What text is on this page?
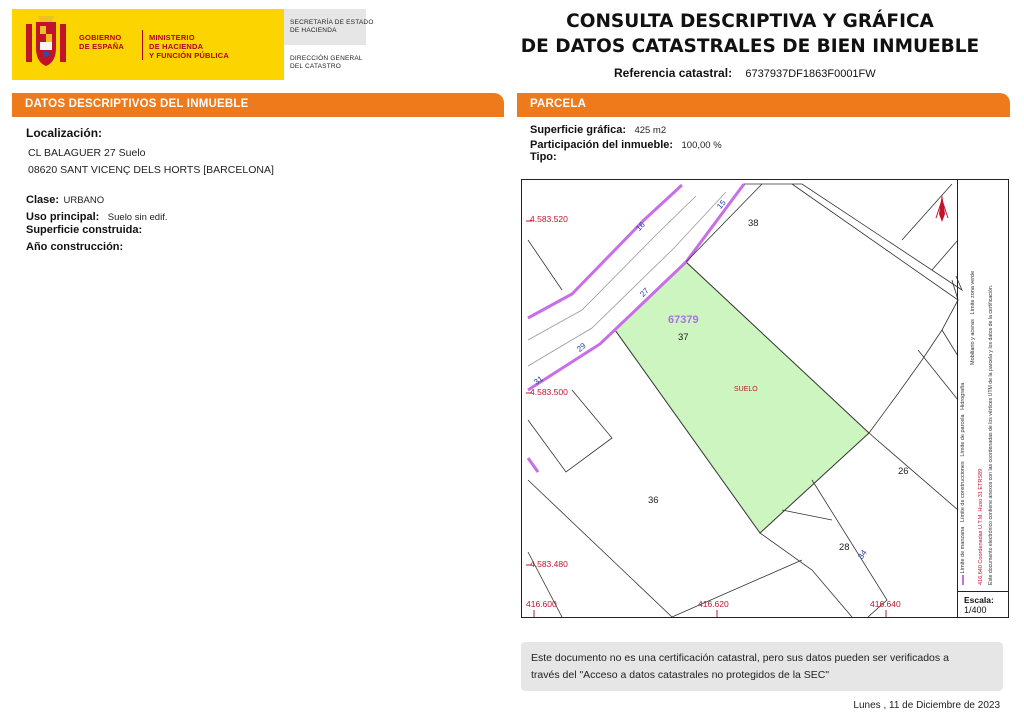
GOBIERNO
DE ESPAÑA
MINISTERIO
DE HACIENDA
Y FUNCIÓN PÚBLICA
SECRETARÍA DE ESTADO
DE HACIENDA
DIRECCIÓN GENERAL
DEL CATASTRO
CONSULTA DESCRIPTIVA Y GRÁFICA
DE DATOS CATASTRALES DE BIEN INMUEBLE
Referencia catastral: 6737937DF1863F0001FW
DATOS DESCRIPTIVOS DEL INMUEBLE
Localización:
CL BALAGUER 27 Suelo
08620 SANT VICENÇ DELS HORTS [BARCELONA]
Clase: URBANO
Uso principal: Suelo sin edif.
Superficie construida:
Año construcción:
PARCELA
Superficie gráfica: 425 m2
Participación del inmueble: 100,00 %
Tipo:
4.583.520
4.583.500
4.583.480
416.600	416.620	416.640
67379
37
SUELO
38
36
26
28
16
15
27
29
31
34	Límite de manzana   Límite de construcciones   Límite de parcela   Hidrografía
Mobiliario y aceras   Límite zona verde
416,640 Coordenadas U.T.M. Huso 31 ETRS89 Este documento electrónico contiene anexos con las coordenadas de los vértices UTM de la parcela y los datos de la certificación.
Escala:
1/400
Este documento no es una certificación catastral, pero sus datos pueden ser verificados a
través del "Acceso a datos catastrales no protegidos de la SEC"
Lunes , 11 de Diciembre de 2023
